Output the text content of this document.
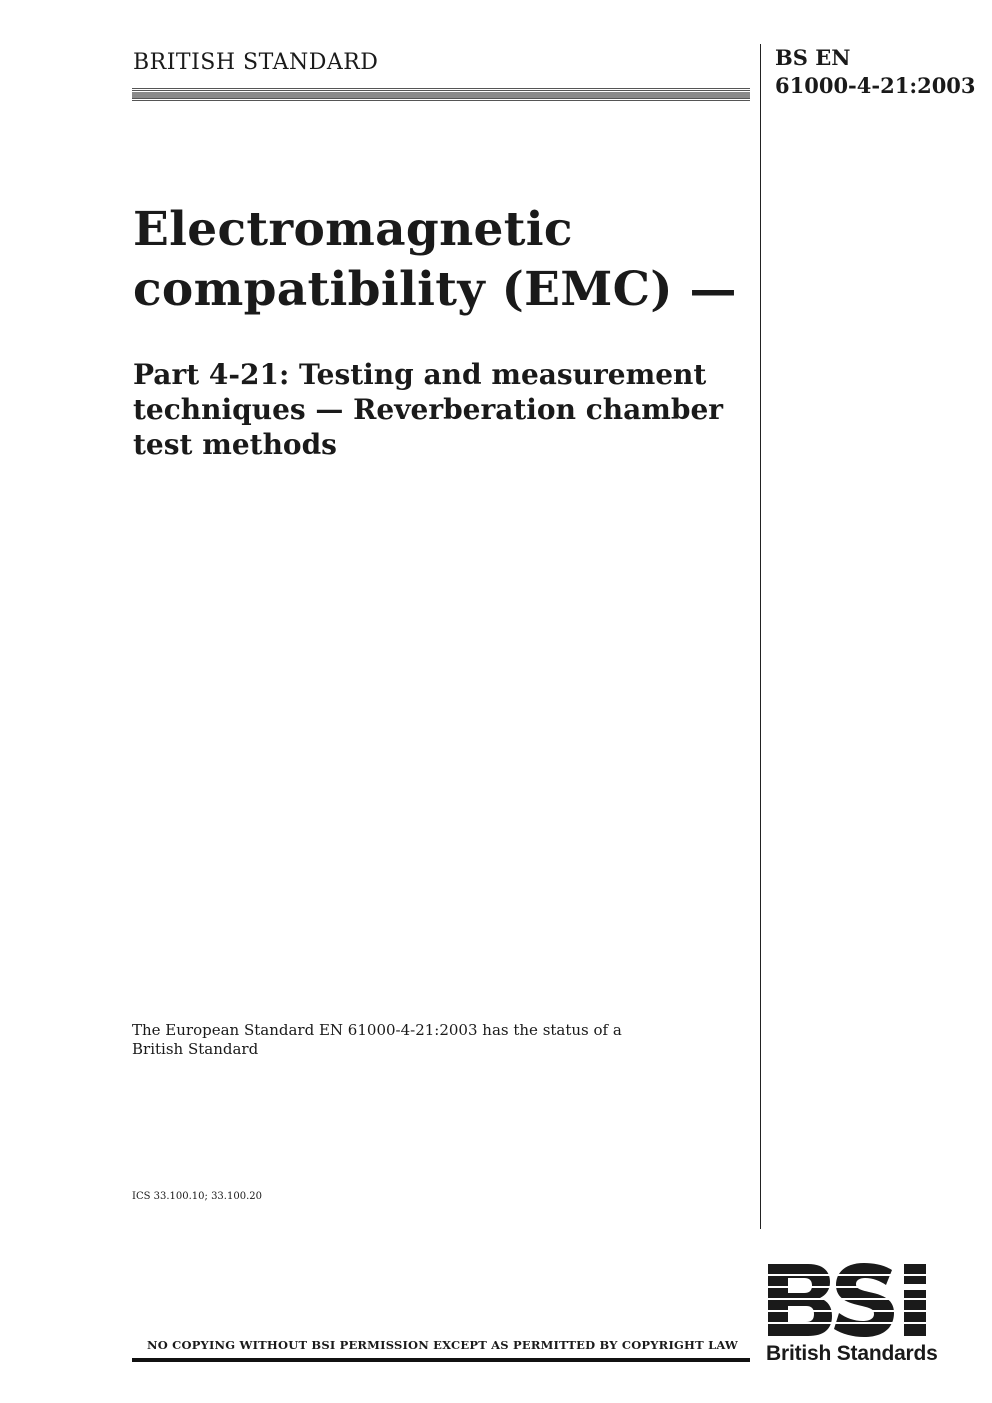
BRITISH STANDARD	BS EN
61000-4-21:2003
Electromagnetic
compatibility (EMC) —
Part 4-21: Testing and measurement
techniques — Reverberation chamber
test methods
The European Standard EN 61000-4-21:2003 has the status of a
British Standard
ICS 33.100.10; 33.100.20
NO COPYING WITHOUT BSI PERMISSION EXCEPT AS PERMITTED BY COPYRIGHT LAW British Standards
